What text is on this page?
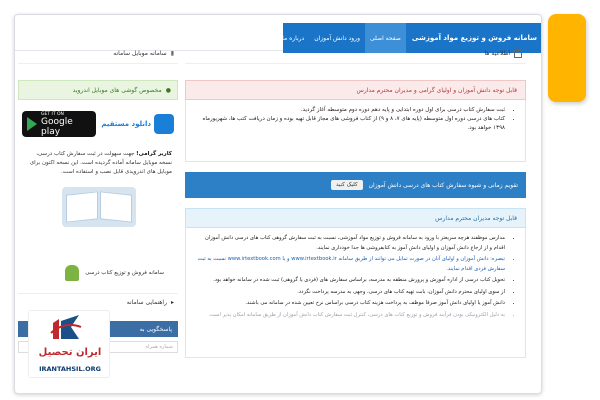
سامانه فروش و توزیع مواد آموزشی
صفحه اصلی
ورود دانش آموزان
درباره ما
تماس با ما
اطلاعیه ها
قابل توجه دانش آموزان و اولیای گرامی و مدیران محترم مدارس
• ثبت سفارش کتاب درسی برای اول دوره ابتدایی و پایه دهم دوره دوم متوسطه آغاز گردید.
• کتاب های درسی دوره اول متوسطه (پایه های ۷، ۸ و ۹) از کتاب فروشی های مجاز قابل تهیه بوده و زمان دریافت کتب ها، شهریورماه ۱۳۹۸ خواهد بود.
تقویم زمانی و شیوه سفارش کتاب های درسی دانش آموزان
کلیک کنید
قابل توجه مدیران محترم مدارس
• مدارس موظفند هرچه سریعتر با ورود به سامانه فروش و توزیع مواد آموزشی، نسبت به ثبت سفارش گروهی کتاب های درسی دانش آموزان اقدام و از ارجاع دانش آموزان و اولیای دانش آموز به کتابفروشی ها جدا خودداری نمایند.
• تبصره: دانش آموزان و اولیای آنان در صورت تمایل می توانند از طریق سامانه www.irtextbook.ir و یا www.irtextbook.com نسبت به ثبت سفارش فردی اقدام نمایند.
• تحویل کتاب درسی از اداره آموزش و پرورش منطقه به مدرسه، براساس سفارش های (فردی یا گروهی) ثبت شده در سامانه خواهد بود.
• از سوی اولیای محترم دانش آموزان، بابت تهیه کتاب های درسی، وجهی به مدرسه پرداخت نگردد.
• دانش آموز یا اولیای دانش آموز صرفا موظف به پرداخت هزینه کتاب درسی براساس نرخ تعیین شده در سامانه می باشند.
• به دلیل الکترونیکی بودن فرآیند فروش و توزیع کتاب های درسی، کنترل ثبت سفارش کتاب دانش آموزان از طریق سامانه امکان پذیر است.
▮
سامانه موبایل سامانه
●
مخصوص گوشی های موبایل اندروید
دانلود مستقیم
GET IT ON
Google play
کاربر گرامی! جهت سهولت در ثبت سفارش کتاب درسی، نسخه موبایل سامانه آماده گردیده است. این نسخه اکنون برای موبایل های اندرویدی قابل نصب و استفاده است.
سامانه فروش و توزیع کتاب درسی
▸
راهنمایی سامانه
پاسخگویی به
شماره همراه
ایران تحصیل
IRANTAHSIL.ORG
